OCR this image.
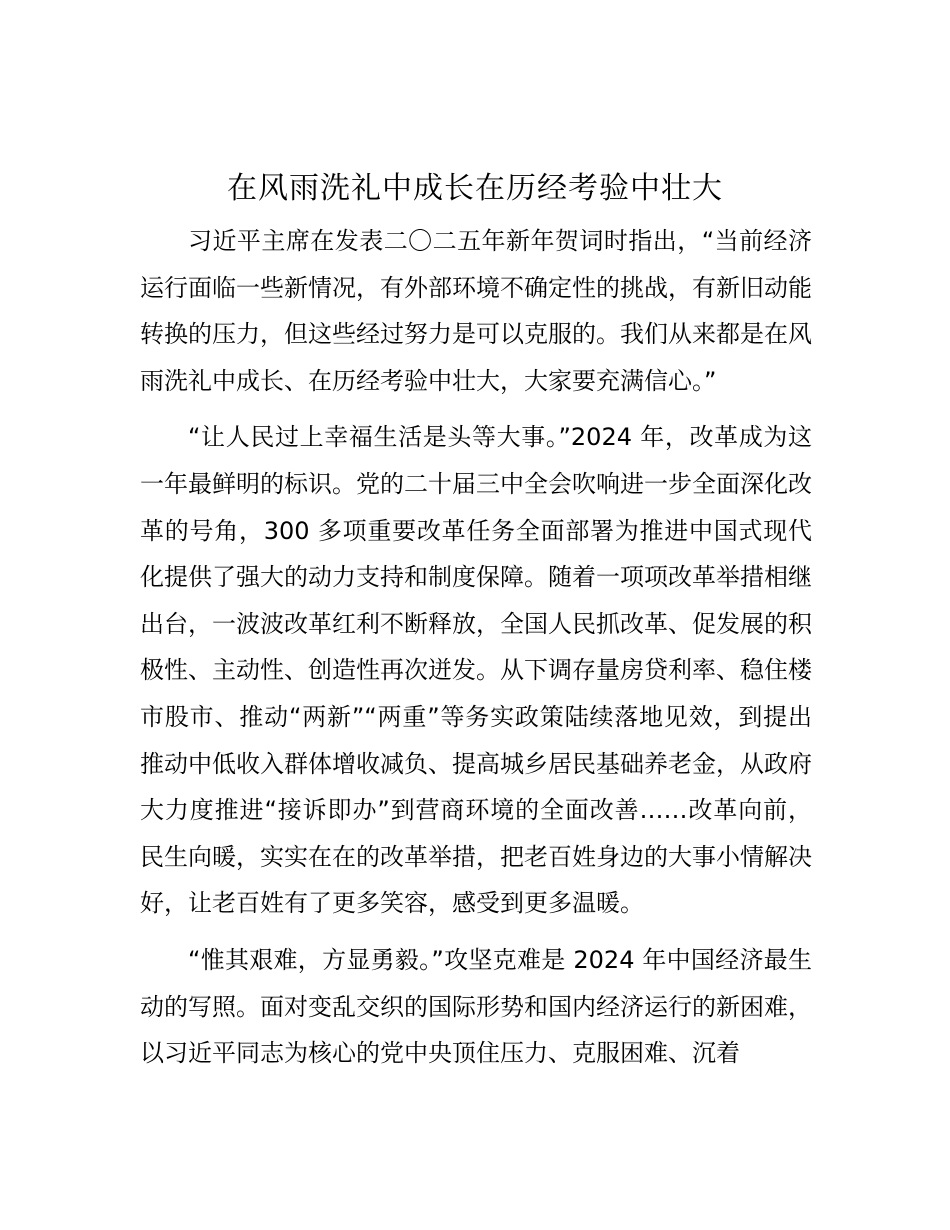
在风雨洗礼中成长在历经考验中壮大

习近平主席在发表二〇二五年新年贺词时指出，“当前经济运行面临一些新情况，有外部环境不确定性的挑战，有新旧动能转换的压力，但这些经过努力是可以克服的。我们从来都是在风雨洗礼中成长、在历经考验中壮大，大家要充满信心。”

“让人民过上幸福生活是头等大事。”2024 年，改革成为这一年最鲜明的标识。党的二十届三中全会吹响进一步全面深化改革的号角，300 多项重要改革任务全面部署为推进中国式现代化提供了强大的动力支持和制度保障。随着一项项改革举措相继出台，一波波改革红利不断释放，全国人民抓改革、促发展的积极性、主动性、创造性再次迸发。从下调存量房贷利率、稳住楼市股市、推动“两新”“两重”等务实政策陆续落地见效，到提出推动中低收入群体增收减负、提高城乡居民基础养老金，从政府大力度推进“接诉即办”到营商环境的全面改善……改革向前，民生向暖，实实在在的改革举措，把老百姓身边的大事小情解决好，让老百姓有了更多笑容，感受到更多温暖。

“惟其艰难，方显勇毅。”攻坚克难是 2024 年中国经济最生动的写照。面对变乱交织的国际形势和国内经济运行的新困难，以习近平同志为核心的党中央顶住压力、克服困难、沉着
